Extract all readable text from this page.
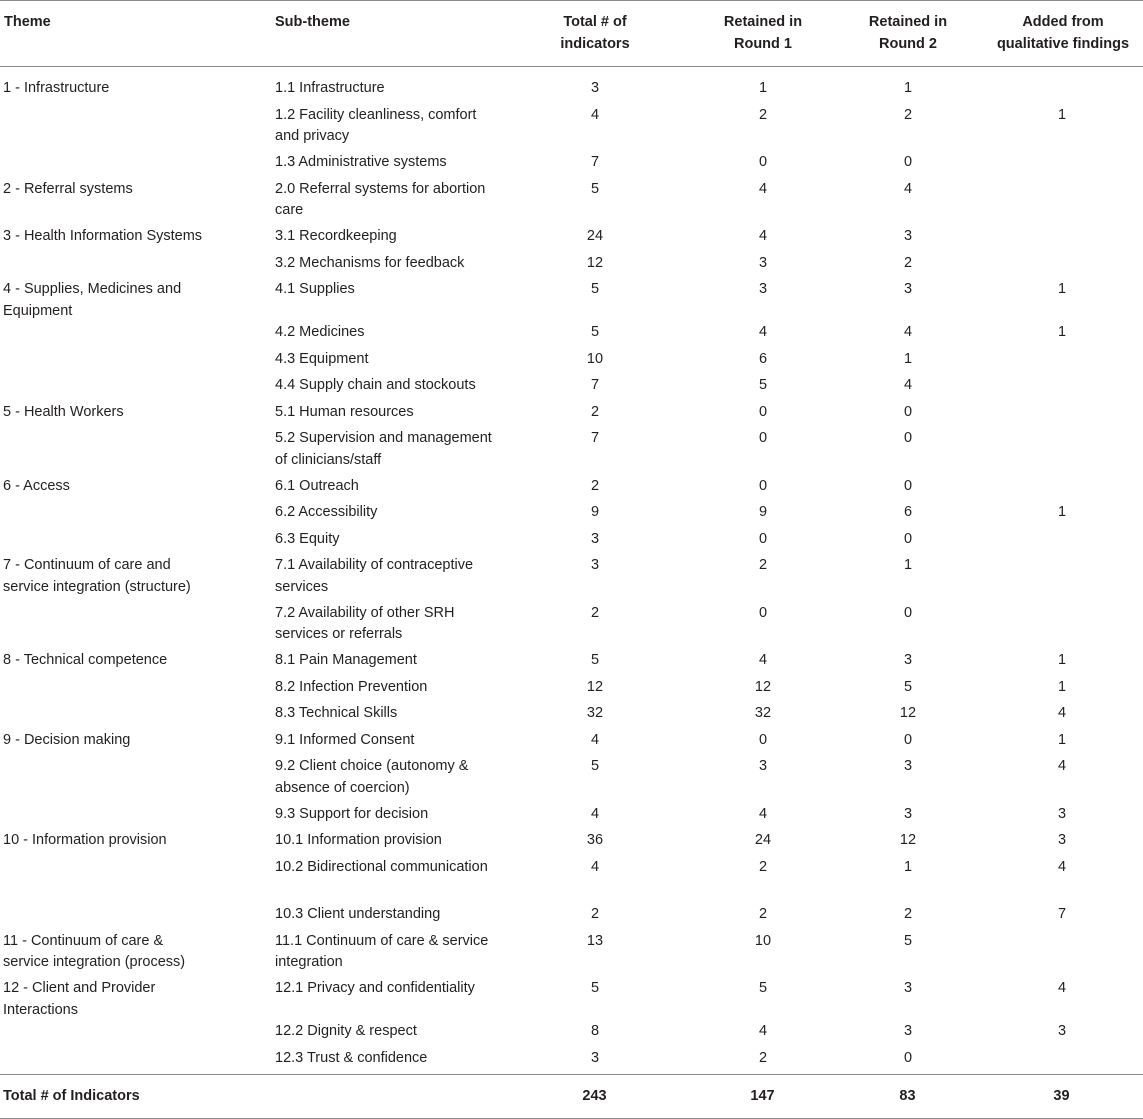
Theme	Sub-theme	Total # of indicators	Retained in Round 1	Retained in Round 2	Added from qualitative findings

1 - Infrastructure	1.1 Infrastructure	3	1	1	

	1.2 Facility cleanliness, comfort and privacy	4	2	2	1

	1.3 Administrative systems	7	0	0	

2 - Referral systems	2.0 Referral systems for abortion care	5	4	4	

3 - Health Information Systems	3.1 Recordkeeping	24	4	3	

	3.2 Mechanisms for feedback	12	3	2	

4 - Supplies, Medicines and Equipment	4.1 Supplies	5	3	3	1

	4.2 Medicines	5	4	4	1

	4.3 Equipment	10	6	1	

	4.4 Supply chain and stockouts	7	5	4	

5 - Health Workers	5.1 Human resources	2	0	0	

	5.2 Supervision and management of clinicians/staff	7	0	0	

6 - Access	6.1 Outreach	2	0	0	

	6.2 Accessibility	9	9	6	1

	6.3 Equity	3	0	0	

7 - Continuum of care and service integration (structure)	7.1 Availability of contraceptive services	3	2	1	

	7.2 Availability of other SRH services or referrals	2	0	0	

8 - Technical competence	8.1 Pain Management	5	4	3	1

	8.2 Infection Prevention	12	12	5	1

	8.3 Technical Skills	32	32	12	4

9 - Decision making	9.1 Informed Consent	4	0	0	1

	9.2 Client choice (autonomy & absence of coercion)	5	3	3	4

	9.3 Support for decision	4	4	3	3

10 - Information provision	10.1 Information provision	36	24	12	3

	10.2 Bidirectional communication	4	2	1	4

	10.3 Client understanding	2	2	2	7

11 - Continuum of care & service integration (process)	11.1 Continuum of care & service integration	13	10	5	

12 - Client and Provider Interactions	12.1 Privacy and confidentiality	5	5	3	4

	12.2 Dignity & respect	8	4	3	3

	12.3 Trust & confidence	3	2	0	
Total # of Indicators		243	147	83	39
